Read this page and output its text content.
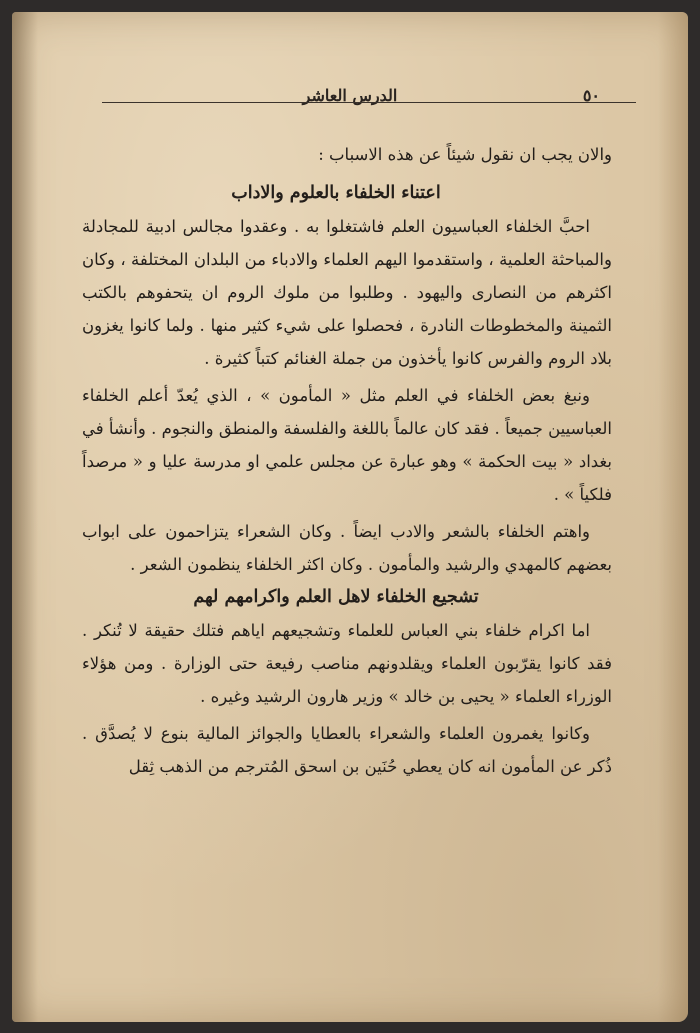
٥٠
الدرس العاشر

والان يجب ان نقول شيئاً عن هذه الاسباب :

اعتناء الخلفاء بالعلوم والاداب

احبَّ الخلفاء العباسيون العلم فاشتغلوا به . وعقدوا مجالس ادبية للمجادلة والمباحثة العلمية ، واستقدموا اليهم العلماء والادباء من البلدان المختلفة ، وكان اكثرهم من النصارى واليهود . وطلبوا من ملوك الروم ان يتحفوهم بالكتب الثمينة والمخطوطات النادرة ، فحصلوا على شيء كثير منها . ولما كانوا يغزون بلاد الروم والفرس كانوا يأخذون من جملة الغنائم كتباً كثيرة .

ونبغ بعض الخلفاء في العلم مثل « المأمون » ، الذي يُعدّ أعلم الخلفاء العباسيين جميعاً . فقد كان عالماً باللغة والفلسفة والمنطق والنجوم . وأنشأ في بغداد « بيت الحكمة » وهو عبارة عن مجلس علمي او مدرسة عليا و « مرصداً فلكياً » .

واهتم الخلفاء بالشعر والادب ايضاً . وكان الشعراء يتزاحمون على ابواب بعضهم كالمهدي والرشيد والمأمون . وكان اكثر الخلفاء ينظمون الشعر .

تشجيع الخلفاء لاهل العلم واكرامهم لهم

اما اكرام خلفاء بني العباس للعلماء وتشجيعهم اياهم فتلك حقيقة لا تُنكر . فقد كانوا يقرّبون العلماء ويقلدونهم مناصب رفيعة حتى الوزارة . ومن هؤلاء الوزراء العلماء « يحيى بن خالد » وزير هارون الرشيد وغيره .

وكانوا يغمرون العلماء والشعراء بالعطايا والجوائز المالية بنوع لا يُصدَّق . ذُكر عن المأمون انه كان يعطي حُنَين بن اسحق المُترجم من الذهب ثِقل
